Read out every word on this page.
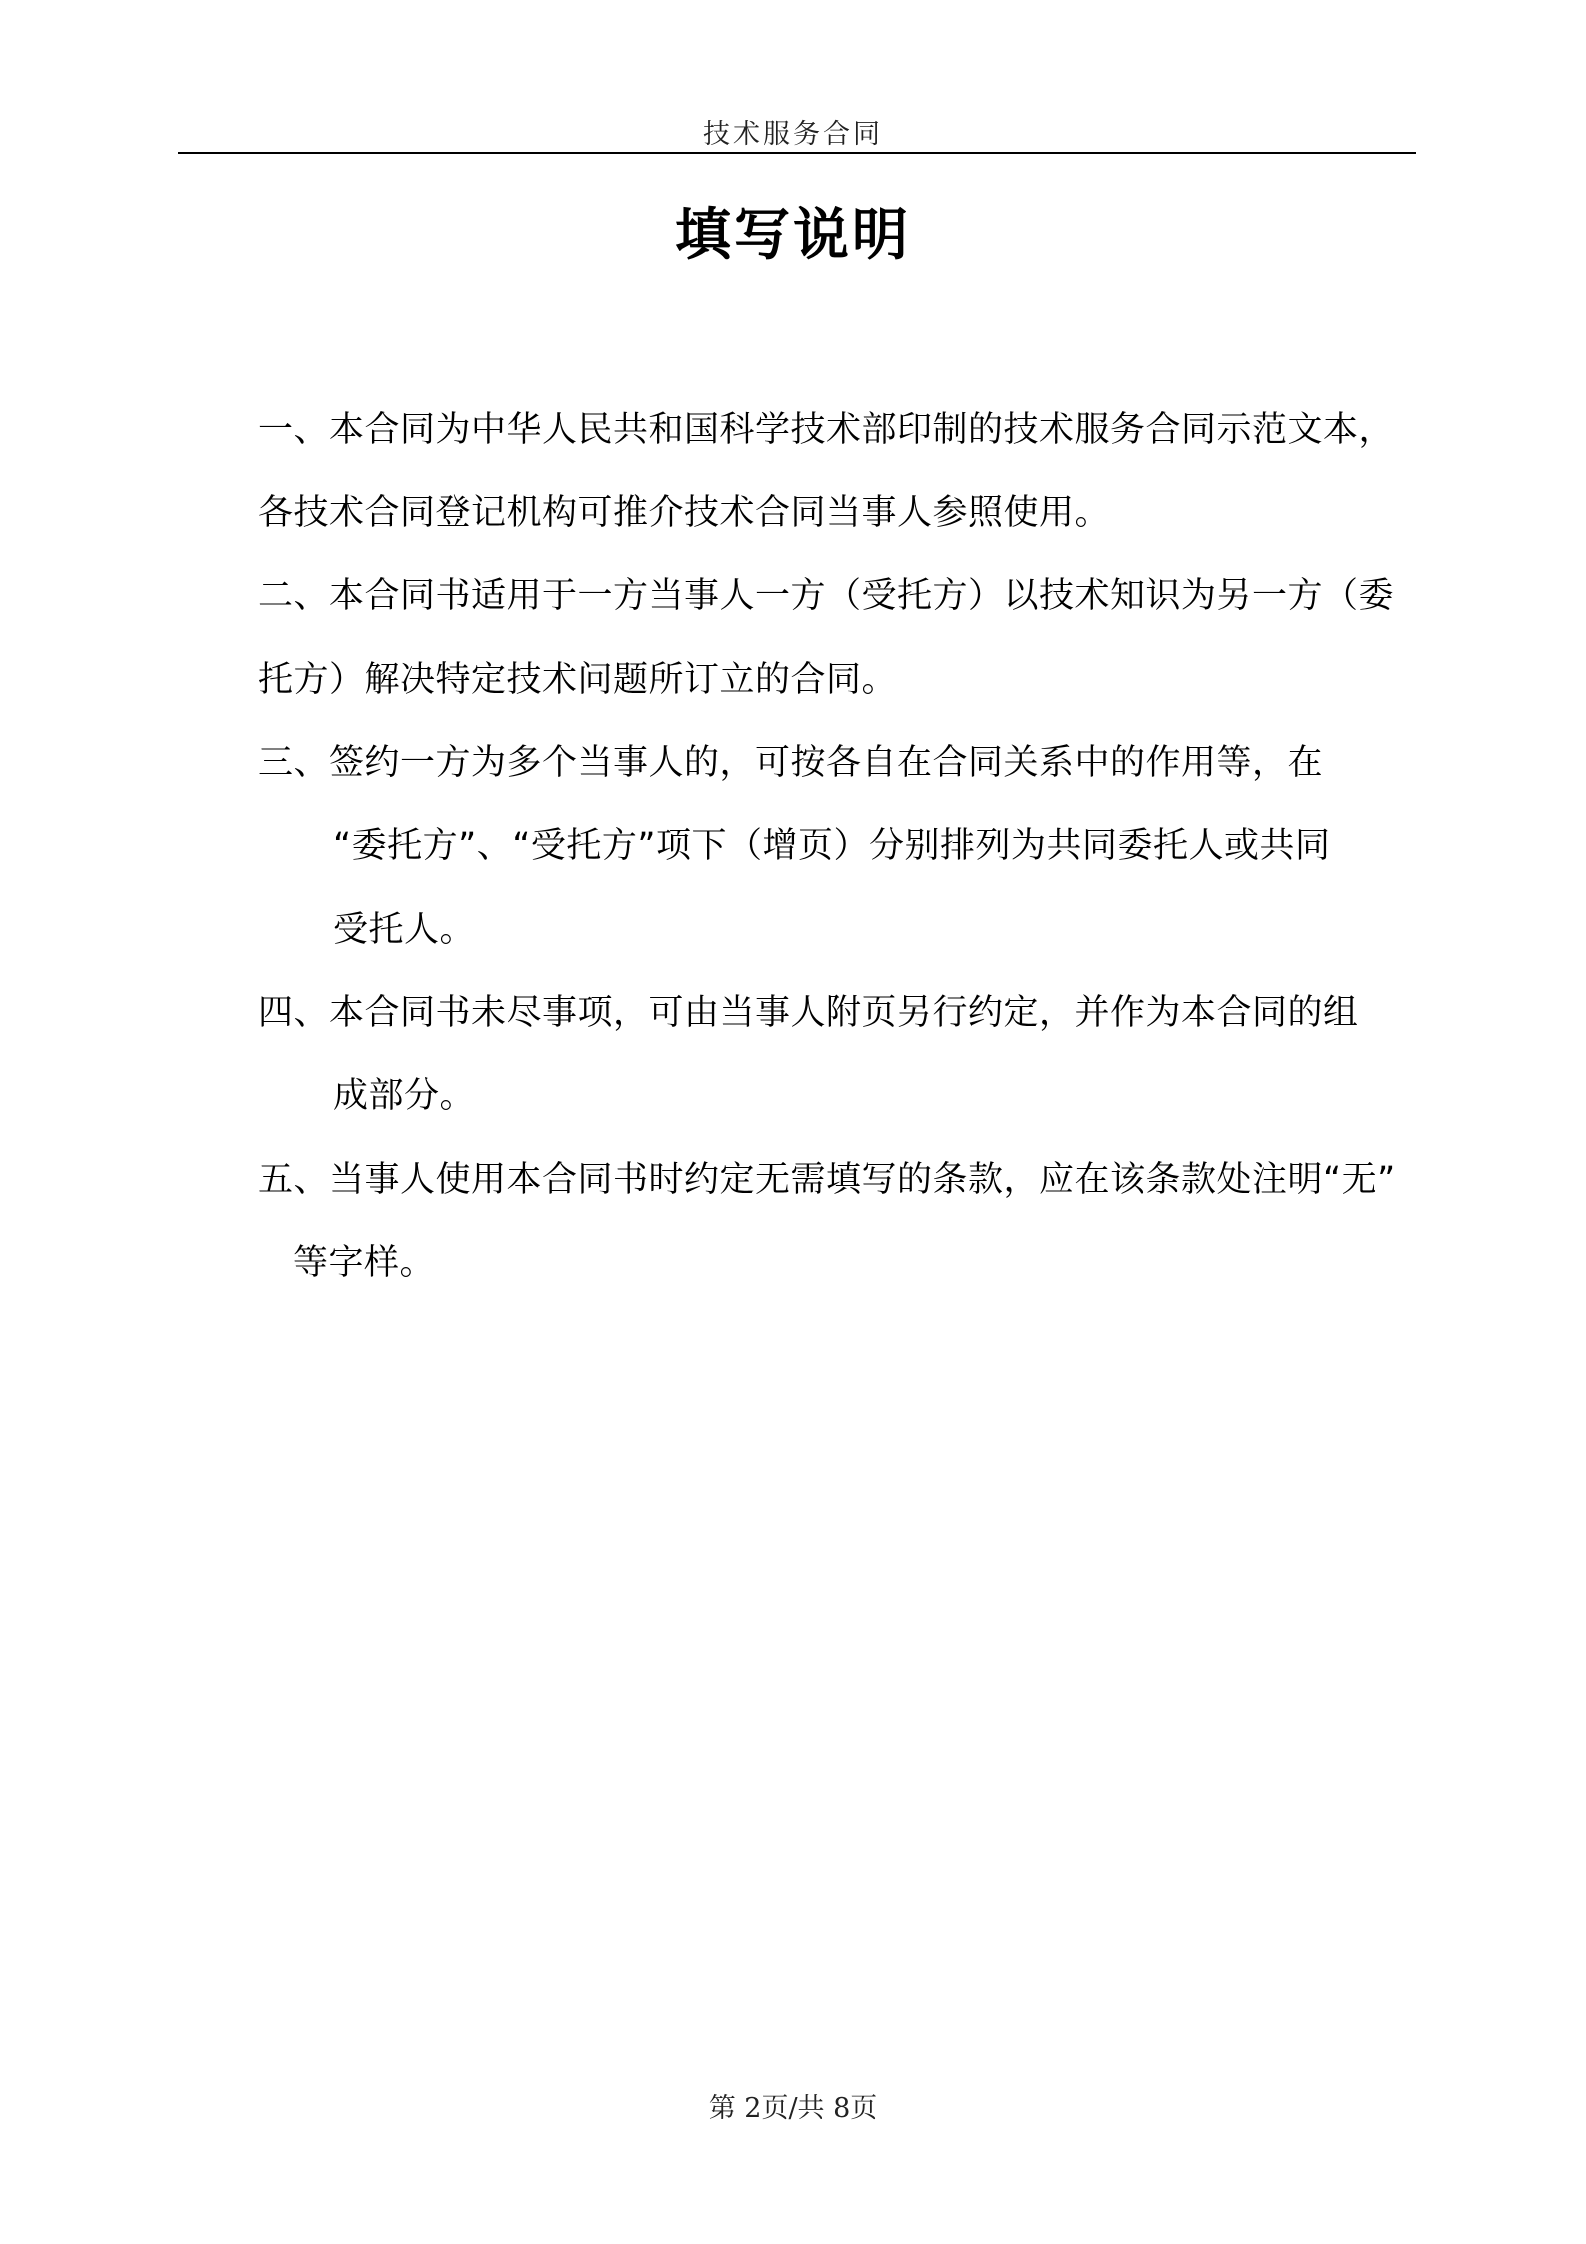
技术服务合同
填写说明
一、本合同为中华人民共和国科学技术部印制的技术服务合同示范文本，
各技术合同登记机构可推介技术合同当事人参照使用。
二、本合同书适用于一方当事人一方（受托方）以技术知识为另一方（委
托方）解决特定技术问题所订立的合同。
三、签约一方为多个当事人的，可按各自在合同关系中的作用等，在
“委托方”、“受托方”项下（增页）分别排列为共同委托人或共同
受托人。
四、本合同书未尽事项，可由当事人附页另行约定，并作为本合同的组
成部分。
五、当事人使用本合同书时约定无需填写的条款，应在该条款处注明“无”
等字样。
第 2页/共 8页
